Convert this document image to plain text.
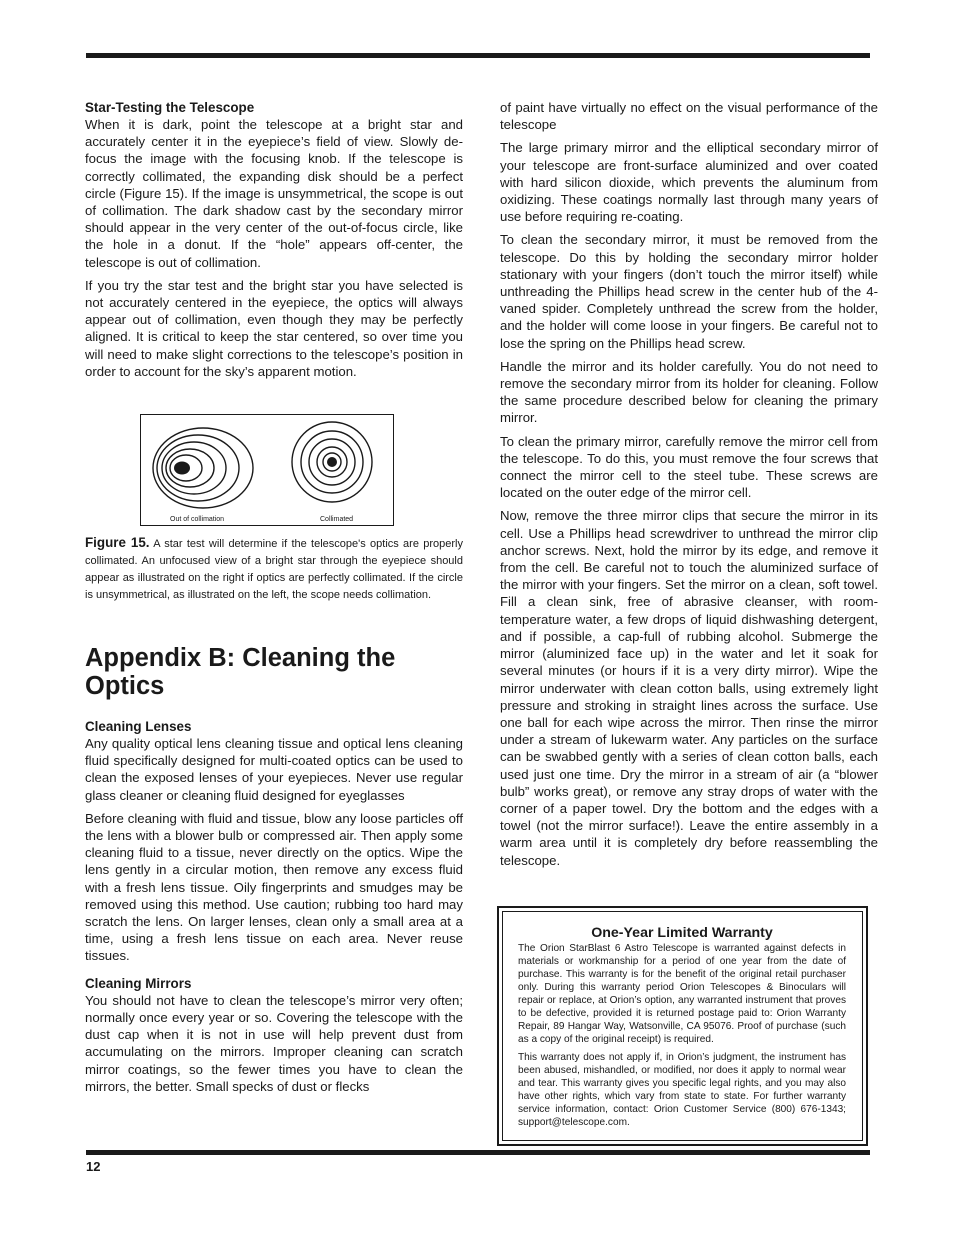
Star-Testing the Telescope

When it is dark, point the telescope at a bright star and accurately center it in the eyepiece’s field of view. Slowly de-focus the image with the focusing knob. If the telescope is correctly collimated, the expanding disk should be a perfect circle (Figure 15). If the image is unsymmetrical, the scope is out of collimation. The dark shadow cast by the secondary mirror should appear in the very center of the out-of-focus circle, like the hole in a donut. If the “hole” appears off-center, the telescope is out of collimation.

If you try the star test and the bright star you have selected is not accurately centered in the eyepiece, the optics will always appear out of collimation, even though they may be perfectly aligned. It is critical to keep the star centered, so over time you will need to make slight corrections to the telescope’s position in order to account for the sky’s apparent motion.

Out of collimation	Collimated

Figure 15. A star test will determine if the telescope's optics are properly collimated. An unfocused view of a bright star through the eyepiece should appear as illustrated on the right if optics are perfectly collimated. If the circle is unsymmetrical, as illustrated on the left, the scope needs collimation.

Appendix B: Cleaning the Optics
Cleaning Lenses

Any quality optical lens cleaning tissue and optical lens cleaning fluid specifically designed for multi-coated optics can be used to clean the exposed lenses of your eyepieces. Never use regular glass cleaner or cleaning fluid designed for eyeglasses

Before cleaning with fluid and tissue, blow any loose particles off the lens with a blower bulb or compressed air. Then apply some cleaning fluid to a tissue, never directly on the optics. Wipe the lens gently in a circular motion, then remove any excess fluid with a fresh lens tissue. Oily fingerprints and smudges may be removed using this method. Use caution; rubbing too hard may scratch the lens. On larger lenses, clean only a small area at a time, using a fresh lens tissue on each area. Never reuse tissues.

Cleaning Mirrors

You should not have to clean the telescope’s mirror very often; normally once every year or so. Covering the telescope with the dust cap when it is not in use will help prevent dust from accumulating on the mirrors. Improper cleaning can scratch mirror coatings, so the fewer times you have to clean the mirrors, the better. Small specks of dust or flecks

of paint have virtually no effect on the visual performance of the telescope

The large primary mirror and the elliptical secondary mirror of your telescope are front-surface aluminized and over coated with hard silicon dioxide, which prevents the aluminum from oxidizing. These coatings normally last through many years of use before requiring re-coating.

To clean the secondary mirror, it must be removed from the telescope. Do this by holding the secondary mirror holder stationary with your fingers (don’t touch the mirror itself) while unthreading the Phillips head screw in the center hub of the 4-vaned spider. Completely unthread the screw from the holder, and the holder will come loose in your fingers. Be careful not to lose the spring on the Phillips head screw.

Handle the mirror and its holder carefully. You do not need to remove the secondary mirror from its holder for cleaning. Follow the same procedure described below for cleaning the primary mirror.

To clean the primary mirror, carefully remove the mirror cell from the telescope. To do this, you must remove the four screws that connect the mirror cell to the steel tube. These screws are located on the outer edge of the mirror cell.

Now, remove the three mirror clips that secure the mirror in its cell. Use a Phillips head screwdriver to unthread the mirror clip anchor screws. Next, hold the mirror by its edge, and remove it from the cell. Be careful not to touch the aluminized surface of the mirror with your fingers. Set the mirror on a clean, soft towel. Fill a clean sink, free of abrasive cleanser, with room-temperature water, a few drops of liquid dishwashing detergent, and if possible, a cap-full of rubbing alcohol. Submerge the mirror (aluminized face up) in the water and let it soak for several minutes (or hours if it is a very dirty mirror). Wipe the mirror underwater with clean cotton balls, using extremely light pressure and stroking in straight lines across the surface. Use one ball for each wipe across the mirror. Then rinse the mirror under a stream of lukewarm water. Any particles on the surface can be swabbed gently with a series of clean cotton balls, each used just one time. Dry the mirror in a stream of air (a “blower bulb” works great), or remove any stray drops of water with the corner of a paper towel. Dry the bottom and the edges with a towel (not the mirror surface!). Leave the entire assembly in a warm area until it is completely dry before reassembling the telescope.

One-Year Limited Warranty

The Orion StarBlast 6 Astro Telescope is warranted against defects in materials or workmanship for a period of one year from the date of purchase. This warranty is for the benefit of the original retail purchaser only. During this warranty period Orion Telescopes & Binoculars will repair or replace, at Orion’s option, any warranted instrument that proves to be defective, provided it is returned postage paid to: Orion Warranty Repair, 89 Hangar Way, Watsonville, CA 95076. Proof of purchase (such as a copy of the original receipt) is required.

This warranty does not apply if, in Orion’s judgment, the instrument has been abused, mishandled, or modified, nor does it apply to normal wear and tear. This warranty gives you specific legal rights, and you may also have other rights, which vary from state to state. For further warranty service information, contact: Orion Customer Service (800) 676-1343; support@telescope.com.

12
